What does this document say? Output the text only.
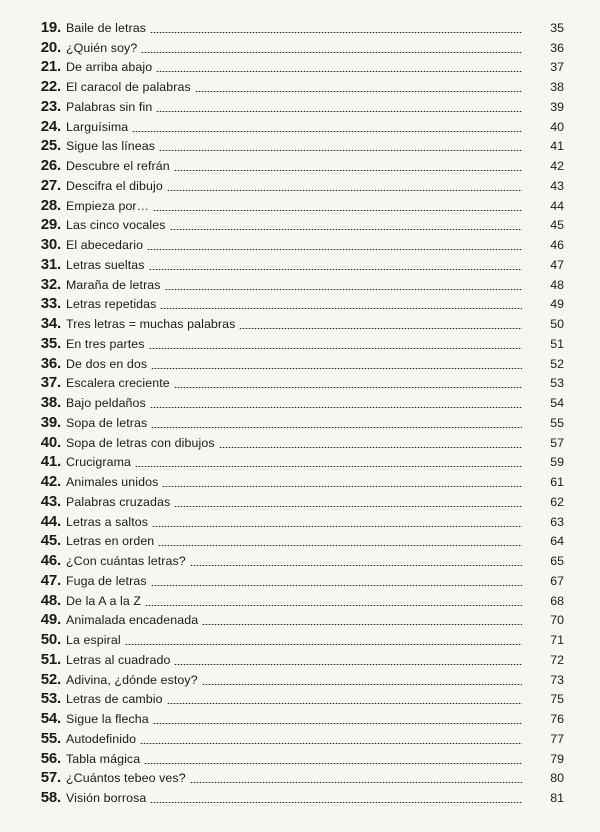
19. Baile de letras	35
20. ¿Quién soy?	36
21. De arriba abajo	37
22. El caracol de palabras	38
23. Palabras sin fin	39
24. Larguísima	40
25. Sigue las líneas	41
26. Descubre el refrán	42
27. Descifra el dibujo	43
28. Empieza por…	44
29. Las cinco vocales	45
30. El abecedario	46
31. Letras sueltas	47
32. Maraña de letras	48
33. Letras repetidas	49
34. Tres letras = muchas palabras	50
35. En tres partes	51
36. De dos en dos	52
37. Escalera creciente	53
38. Bajo peldaños	54
39. Sopa de letras	55
40. Sopa de letras con dibujos	57
41. Crucigrama	59
42. Animales unidos	61
43. Palabras cruzadas	62
44. Letras a saltos	63
45. Letras en orden	64
46. ¿Con cuántas letras?	65
47. Fuga de letras	67
48. De la A a la Z	68
49. Animalada encadenada	70
50. La espiral	71
51. Letras al cuadrado	72
52. Adivina, ¿dónde estoy?	73
53. Letras de cambio	75
54. Sigue la flecha	76
55. Autodefinido	77
56. Tabla mágica	79
57. ¿Cuántos tebeo ves?	80
58. Visión borrosa	81
